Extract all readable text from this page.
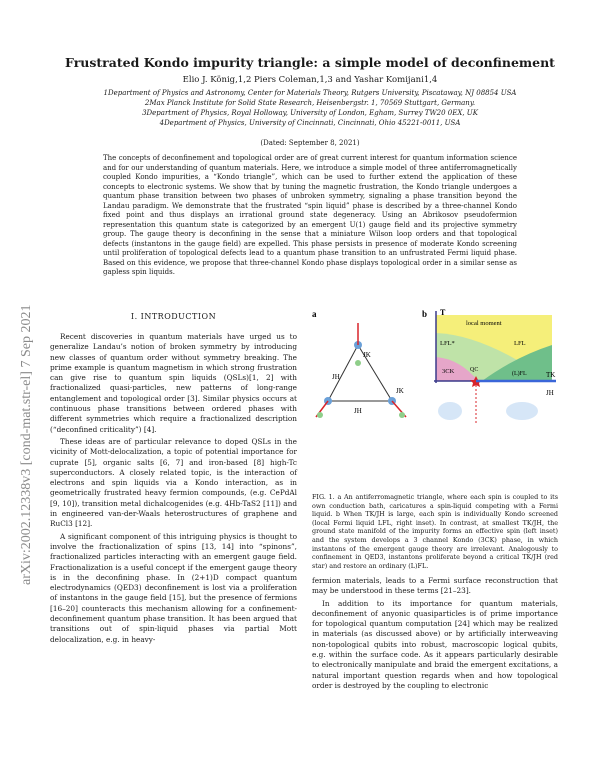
arXiv:2002.12338v3 [cond-mat.str-el] 7 Sep 2021
Frustrated Kondo impurity triangle: a simple model of deconfinement
Elio J. König,1,2 Piers Coleman,1,3 and Yashar Komijani1,4
1Department of Physics and Astronomy, Center for Materials Theory, Rutgers University, Piscataway, NJ 08854 USA
2Max Planck Institute for Solid State Research, Heisenbergstr. 1, 70569 Stuttgart, Germany.
3Department of Physics, Royal Holloway, University of London, Egham, Surrey TW20 0EX, UK
4Department of Physics, University of Cincinnati, Cincinnati, Ohio 45221-0011, USA
(Dated: September 8, 2021)
The concepts of deconfinement and topological order are of great current interest for quantum information science and for our understanding of quantum materials. Here, we introduce a simple model of three antiferromagnetically coupled Kondo impurities, a “Kondo triangle”, which can be used to further extend the application of these concepts to electronic systems. We show that by tuning the magnetic frustration, the Kondo triangle undergoes a quantum phase transition between two phases of unbroken symmetry, signaling a phase transition beyond the Landau paradigm. We demonstrate that the frustrated “spin liquid” phase is described by a three-channel Kondo fixed point and thus displays an irrational ground state degeneracy. Using an Abrikosov pseudofermion representation this quantum state is categorized by an emergent U(1) gauge field and its projective symmetry group. The gauge theory is deconfining in the sense that a miniature Wilson loop orders and that topological defects (instantons in the gauge field) are expelled. This phase persists in presence of moderate Kondo screening until proliferation of topological defects lead to a quantum phase transition to an unfrustrated Fermi liquid phase. Based on this evidence, we propose that three-channel Kondo phase displays topological order in a similar sense as gapless spin liquids.
I. INTRODUCTION

Recent discoveries in quantum materials have urged us to generalize Landau’s notion of broken symmetry by introducing new classes of quantum order without symmetry breaking. The prime example is quantum magnetism in which strong frustration can give rise to quantum spin liquids (QSLs)[1, 2] with fractionalized quasi-particles, new patterns of long-range entanglement and topological order [3]. Similar physics occurs at continuous phase transitions between ordered phases with different symmetries which require a fractionalized description (“deconfined criticality”) [4].

These ideas are of particular relevance to doped QSLs in the vicinity of Mott-delocalization, a topic of potential importance for cuprate [5], organic salts [6, 7] and iron-based [8] high-Tc superconductors. A closely related topic, is the interaction of electrons and spin liquids via a Kondo interaction, as in geometrically frustrated heavy fermion compounds, (e.g. CePdAl [9, 10]), transition metal dichalcogenides (e.g. 4Hb-TaS2 [11]) and in engineered van-der-Waals heterostructures of graphene and RuCl3 [12].

A significant component of this intriguing physics is thought to involve the fractionalization of spins [13, 14] into “spinons”, fractionalized particles interacting with an emergent gauge field. Fractionalization is a useful concept if the emergent gauge theory is in the deconfining phase. In (2+1)D compact quantum electrodynamics (QED3) deconfinement is lost via a proliferation of instantons in the gauge field [15], but the presence of fermions [16–20] counteracts this mechanism allowing for a confinement-deconfinement quantum phase transition. It has been argued that transitions out of spin-liquid phases via partial Mott delocalization, e.g. in heavy-

a
JK
JH
JH
JK
b T
TK
JH
local moment
LFL*	LFL
3CK	QC
(L)FL
FIG. 1. a An antiferromagnetic triangle, where each spin is coupled to its own conduction bath, caricatures a spin-liquid competing with a Fermi liquid. b When TK/JH is large, each spin is individually Kondo screened (local Fermi liquid LFL, right inset). In contrast, at smallest TK/JH, the ground state manifold of the impurity forms an effective spin (left inset) and the system develops a 3 channel Kondo (3CK) phase, in which instantons of the emergent gauge theory are irrelevant. Analogously to confinement in QED3, instantons proliferate beyond a critical TK/JH (red star) and restore an ordinary (L)FL.

fermion materials, leads to a Fermi surface reconstruction that may be understood in these terms [21–23].

In addition to its importance for quantum materials, deconfinement of anyonic quasiparticles is of prime importance for topological quantum computation [24] which may be realized in materials (as discussed above) or by artificially interweaving non-topological qubits into robust, macroscopic logical qubits, e.g. within the surface code. As it appears particularly desirable to electronically manipulate and braid the emergent excitations, a natural important question regards when and how topological order is destroyed by the coupling to electronic
